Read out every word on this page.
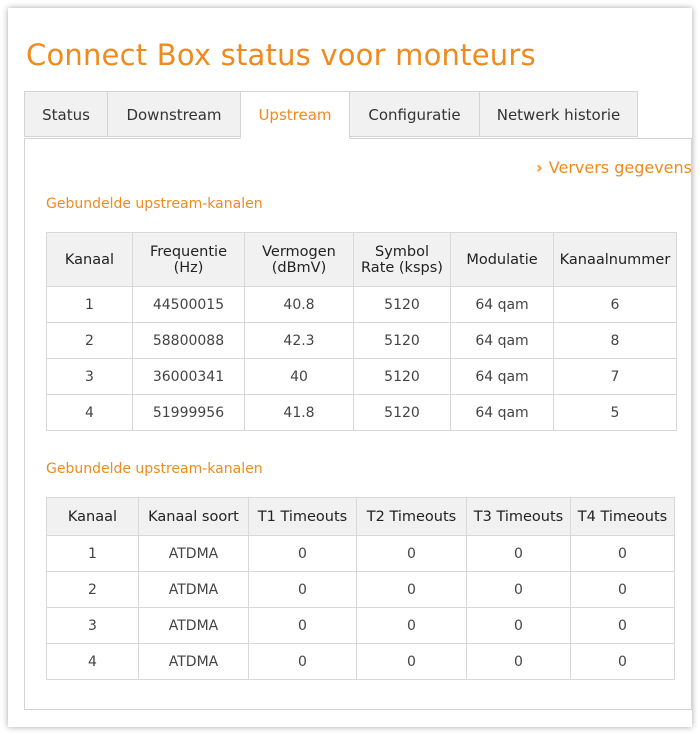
Connect Box status voor monteurs
Status	Downstream	Upstream	Configuratie	Netwerk historie
› Ververs gegevens
Gebundelde upstream-kanalen
Kanaal	Frequentie (Hz)	Vermogen (dBmV)	Symbol Rate (ksps)	Modulatie	Kanaalnummer
1	44500015	40.8	5120	64 qam	6
2	58800088	42.3	5120	64 qam	8
3	36000341	40	5120	64 qam	7
4	51999956	41.8	5120	64 qam	5
Gebundelde upstream-kanalen
Kanaal	Kanaal soort	T1 Timeouts	T2 Timeouts	T3 Timeouts	T4 Timeouts
1	ATDMA	0	0	0	0
2	ATDMA	0	0	0	0
3	ATDMA	0	0	0	0
4	ATDMA	0	0	0	0
